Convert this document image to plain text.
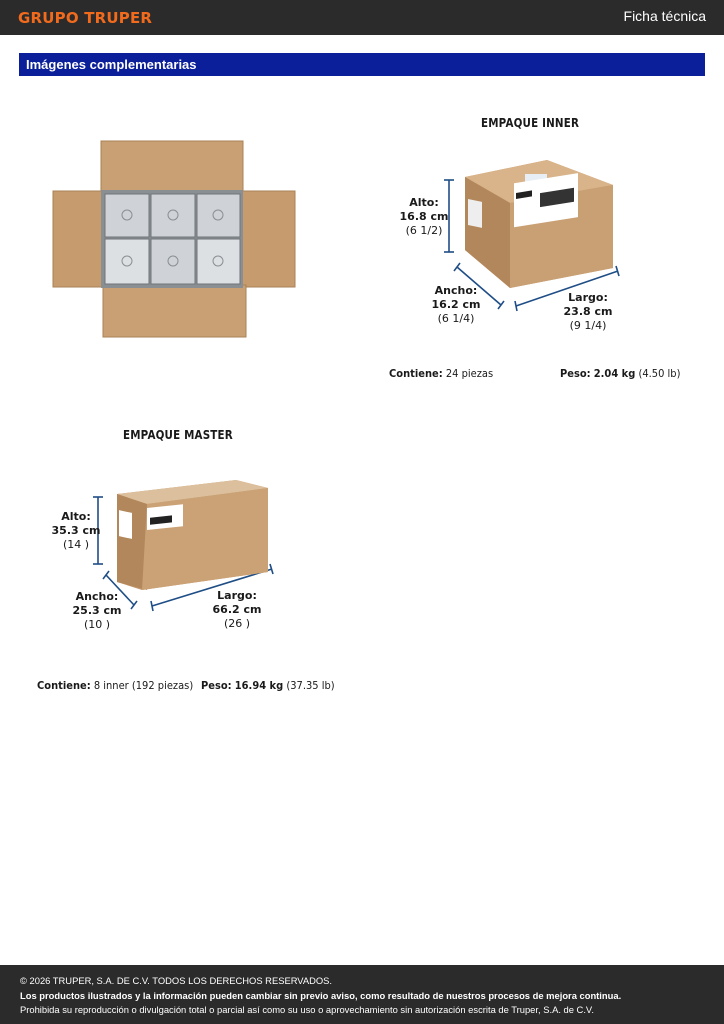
GRUPO TRUPER	Ficha técnica
Imágenes complementarias
EMPAQUE INNER
Alto:
16.8 cm
(6 1/2)
Ancho:
16.2 cm
(6 1/4)
Largo:
23.8 cm
(9 1/4)
Contiene: 24 piezas	Peso: 2.04 kg (4.50 lb)
EMPAQUE MASTER
Alto:
35.3 cm
(14 )
Ancho:
25.3 cm
(10 )
Largo:
66.2 cm
(26 )
Contiene: 8 inner (192 piezas) Peso: 16.94 kg (37.35 lb)
© 2026 TRUPER, S.A. DE C.V. TODOS LOS DERECHOS RESERVADOS.
Los productos ilustrados y la información pueden cambiar sin previo aviso, como resultado de nuestros procesos de mejora continua.
Prohibida su reproducción o divulgación total o parcial así como su uso o aprovechamiento sin autorización escrita de Truper, S.A. de C.V.
